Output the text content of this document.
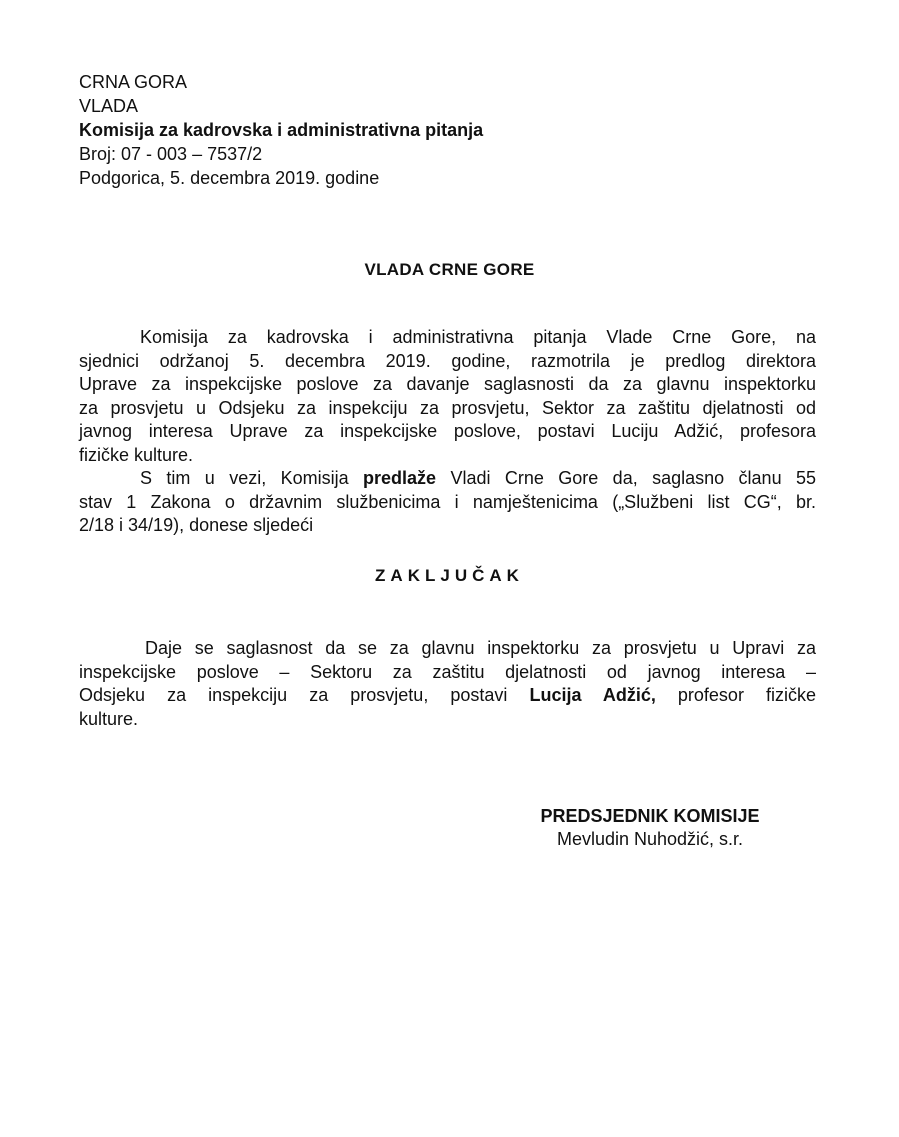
CRNA GORA
VLADA
Komisija za kadrovska i administrativna pitanja
Broj: 07 - 003 – 7537/2
Podgorica, 5. decembra 2019. godine
VLADA CRNE GORE
Komisija za kadrovska i administrativna pitanja Vlade Crne Gore, na
sjednici održanoj 5. decembra 2019. godine, razmotrila je predlog direktora
Uprave za inspekcijske poslove za davanje saglasnosti da za glavnu inspektorku
za prosvjetu u Odsjeku za inspekciju za prosvjetu, Sektor za zaštitu djelatnosti od
javnog interesa Uprave za inspekcijske poslove, postavi Luciju Adžić, profesora
fizičke kulture.
S tim u vezi, Komisija predlaže Vladi Crne Gore da, saglasno članu 55
stav 1 Zakona o državnim službenicima i namještenicima („Službeni list CG“, br.
2/18 i 34/19), donese sljedeći
ZAKLJUČAK
Daje se saglasnost da se za glavnu inspektorku za prosvjetu u Upravi za
inspekcijske poslove – Sektoru za zaštitu djelatnosti od javnog interesa –
Odsjeku za inspekciju za prosvjetu, postavi Lucija Adžić, profesor fizičke
kulture.
PREDSJEDNIK KOMISIJE
Mevludin Nuhodžić, s.r.
